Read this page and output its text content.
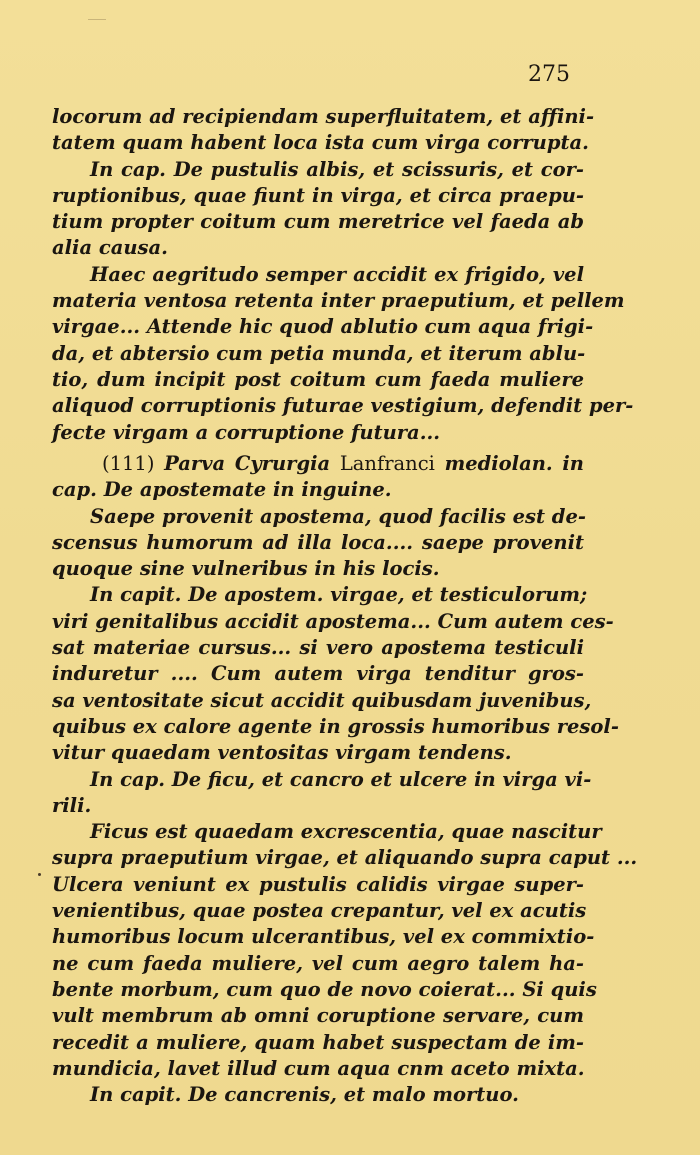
275
locorum ad recipiendam superfluitatem, et affini-
tatem quam habent loca ista cum virga corrupta.
In cap. De pustulis albis, et scissuris, et cor-
ruptionibus, quae fiunt in virga, et circa praepu-
tium propter coitum cum meretrice vel faeda ab
alia causa.
Haec aegritudo semper accidit ex frigido, vel
materia ventosa retenta inter praeputium, et pellem
virgae... Attende hic quod ablutio cum aqua frigi-
da, et abtersio cum petia munda, et iterum ablu-
tio, dum incipit post coitum cum faeda muliere
aliquod corruptionis futurae vestigium, defendit per-
fecte virgam a corruptione futura...
(111) Parva Cyrurgia Lanfranci mediolan. in
cap. De apostemate in inguine.
Saepe provenit apostema, quod facilis est de-
scensus humorum ad illa loca.... saepe provenit
quoque sine vulneribus in his locis.
In capit. De apostem. virgae, et testiculorum;
viri genitalibus accidit apostema... Cum autem ces-
sat materiae cursus... si vero apostema testiculi
induretur .... Cum autem virga tenditur gros-
sa ventositate sicut accidit quibusdam juvenibus,
quibus ex calore agente in grossis humoribus resol-
vitur quaedam ventositas virgam tendens.
In cap. De ficu, et cancro et ulcere in virga vi-
rili.
Ficus est quaedam excrescentia, quae nascitur
supra praeputium virgae, et aliquando supra caput ...
Ulcera veniunt ex pustulis calidis virgae super-
venientibus, quae postea crepantur, vel ex acutis
humoribus locum ulcerantibus, vel ex commixtio-
ne cum faeda muliere, vel cum aegro talem ha-
bente morbum, cum quo de novo coierat... Si quis
vult membrum ab omni coruptione servare, cum
recedit a muliere, quam habet suspectam de im-
mundicia, lavet illud cum aqua cnm aceto mixta.
In capit. De cancrenis, et malo mortuo.
